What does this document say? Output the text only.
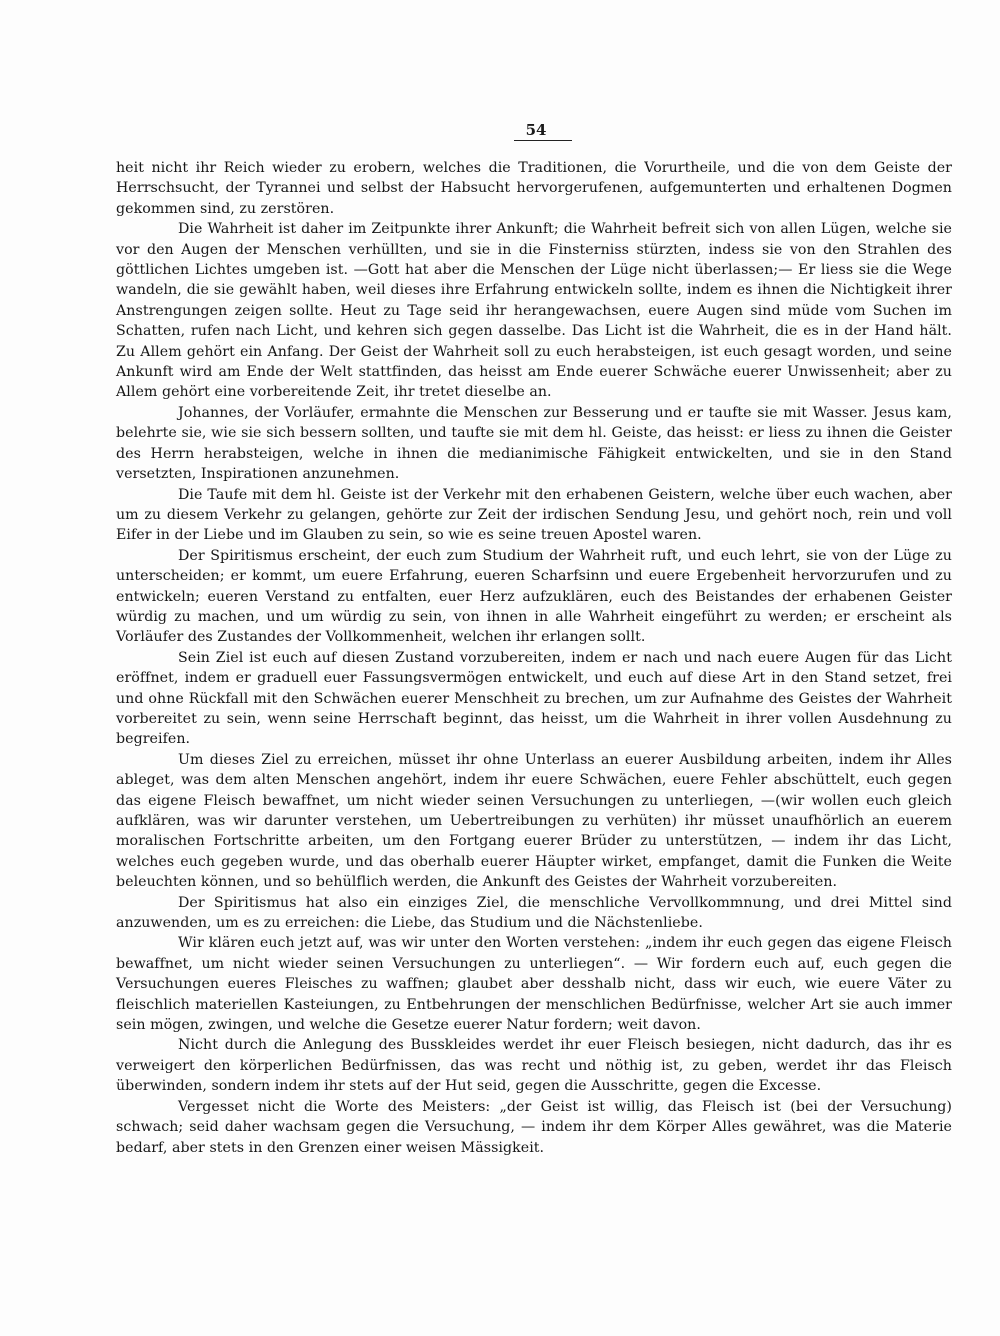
54

heit nicht ihr Reich wieder zu erobern, welches die Traditionen, die Vorurtheile, und die von dem Geiste der Herrschsucht, der Tyrannei und selbst der Habsucht hervorgerufenen, aufgemunterten und erhaltenen Dogmen gekommen sind, zu zerstören.

Die Wahrheit ist daher im Zeitpunkte ihrer Ankunft; die Wahrheit befreit sich von allen Lügen, welche sie vor den Augen der Menschen verhüllten, und sie in die Finsterniss stürzten, indess sie von den Strahlen des göttlichen Lichtes umgeben ist. —Gott hat aber die Menschen der Lüge nicht überlassen;— Er liess sie die Wege wandeln, die sie gewählt haben, weil dieses ihre Erfahrung entwickeln sollte, indem es ihnen die Nichtigkeit ihrer Anstrengungen zeigen sollte. Heut zu Tage seid ihr herangewachsen, euere Augen sind müde vom Suchen im Schatten, rufen nach Licht, und kehren sich gegen dasselbe. Das Licht ist die Wahrheit, die es in der Hand hält. Zu Allem gehört ein Anfang. Der Geist der Wahrheit soll zu euch herabsteigen, ist euch gesagt worden, und seine Ankunft wird am Ende der Welt stattfinden, das heisst am Ende euerer Schwäche euerer Unwissenheit; aber zu Allem gehört eine vorbereitende Zeit, ihr tretet dieselbe an.

Johannes, der Vorläufer, ermahnte die Menschen zur Besserung und er taufte sie mit Wasser. Jesus kam, belehrte sie, wie sie sich bessern sollten, und taufte sie mit dem hl. Geiste, das heisst: er liess zu ihnen die Geister des Herrn herabsteigen, welche in ihnen die medianimische Fähigkeit entwickelten, und sie in den Stand versetzten, Inspirationen anzunehmen.

Die Taufe mit dem hl. Geiste ist der Verkehr mit den erhabenen Geistern, welche über euch wachen, aber um zu diesem Verkehr zu gelangen, gehörte zur Zeit der irdischen Sendung Jesu, und gehört noch, rein und voll Eifer in der Liebe und im Glauben zu sein, so wie es seine treuen Apostel waren.

Der Spiritismus erscheint, der euch zum Studium der Wahrheit ruft, und euch lehrt, sie von der Lüge zu unterscheiden; er kommt, um euere Erfahrung, eueren Scharfsinn und euere Ergebenheit hervorzurufen und zu entwickeln; eueren Verstand zu entfalten, euer Herz aufzuklären, euch des Beistandes der erhabenen Geister würdig zu machen, und um würdig zu sein, von ihnen in alle Wahrheit eingeführt zu werden; er erscheint als Vorläufer des Zustandes der Vollkommenheit, welchen ihr erlangen sollt.

Sein Ziel ist euch auf diesen Zustand vorzubereiten, indem er nach und nach euere Augen für das Licht eröffnet, indem er graduell euer Fassungsvermögen entwickelt, und euch auf diese Art in den Stand setzet, frei und ohne Rückfall mit den Schwächen euerer Menschheit zu brechen, um zur Aufnahme des Geistes der Wahrheit vorbereitet zu sein, wenn seine Herrschaft beginnt, das heisst, um die Wahrheit in ihrer vollen Ausdehnung zu begreifen.

Um dieses Ziel zu erreichen, müsset ihr ohne Unterlass an euerer Ausbildung arbeiten, indem ihr Alles ableget, was dem alten Menschen angehört, indem ihr euere Schwächen, euere Fehler abschüttelt, euch gegen das eigene Fleisch bewaffnet, um nicht wieder seinen Versuchungen zu unterliegen, —(wir wollen euch gleich aufklären, was wir darunter verstehen, um Uebertreibungen zu verhüten) ihr müsset unaufhörlich an euerem moralischen Fortschritte arbeiten, um den Fortgang euerer Brüder zu unterstützen, — indem ihr das Licht, welches euch gegeben wurde, und das oberhalb euerer Häupter wirket, empfanget, damit die Funken die Weite beleuchten können, und so behülflich werden, die Ankunft des Geistes der Wahrheit vorzubereiten.

Der Spiritismus hat also ein einziges Ziel, die menschliche Vervollkommnung, und drei Mittel sind anzuwenden, um es zu erreichen: die Liebe, das Studium und die Nächstenliebe.

Wir klären euch jetzt auf, was wir unter den Worten verstehen: „indem ihr euch gegen das eigene Fleisch bewaffnet, um nicht wieder seinen Versuchungen zu unterliegen“. — Wir fordern euch auf, euch gegen die Versuchungen eueres Fleisches zu waffnen; glaubet aber desshalb nicht, dass wir euch, wie euere Väter zu fleischlich materiellen Kasteiungen, zu Entbehrungen der menschlichen Bedürfnisse, welcher Art sie auch immer sein mögen, zwingen, und welche die Gesetze euerer Natur fordern; weit davon.

Nicht durch die Anlegung des Busskleides werdet ihr euer Fleisch besiegen, nicht dadurch, das ihr es verweigert den körperlichen Bedürfnissen, das was recht und nöthig ist, zu geben, werdet ihr das Fleisch überwinden, sondern indem ihr stets auf der Hut seid, gegen die Ausschritte, gegen die Excesse.

Vergesset nicht die Worte des Meisters: „der Geist ist willig, das Fleisch ist (bei der Versuchung) schwach; seid daher wachsam gegen die Versuchung, — indem ihr dem Körper Alles gewähret, was die Materie bedarf, aber stets in den Grenzen einer weisen Mässigkeit.
